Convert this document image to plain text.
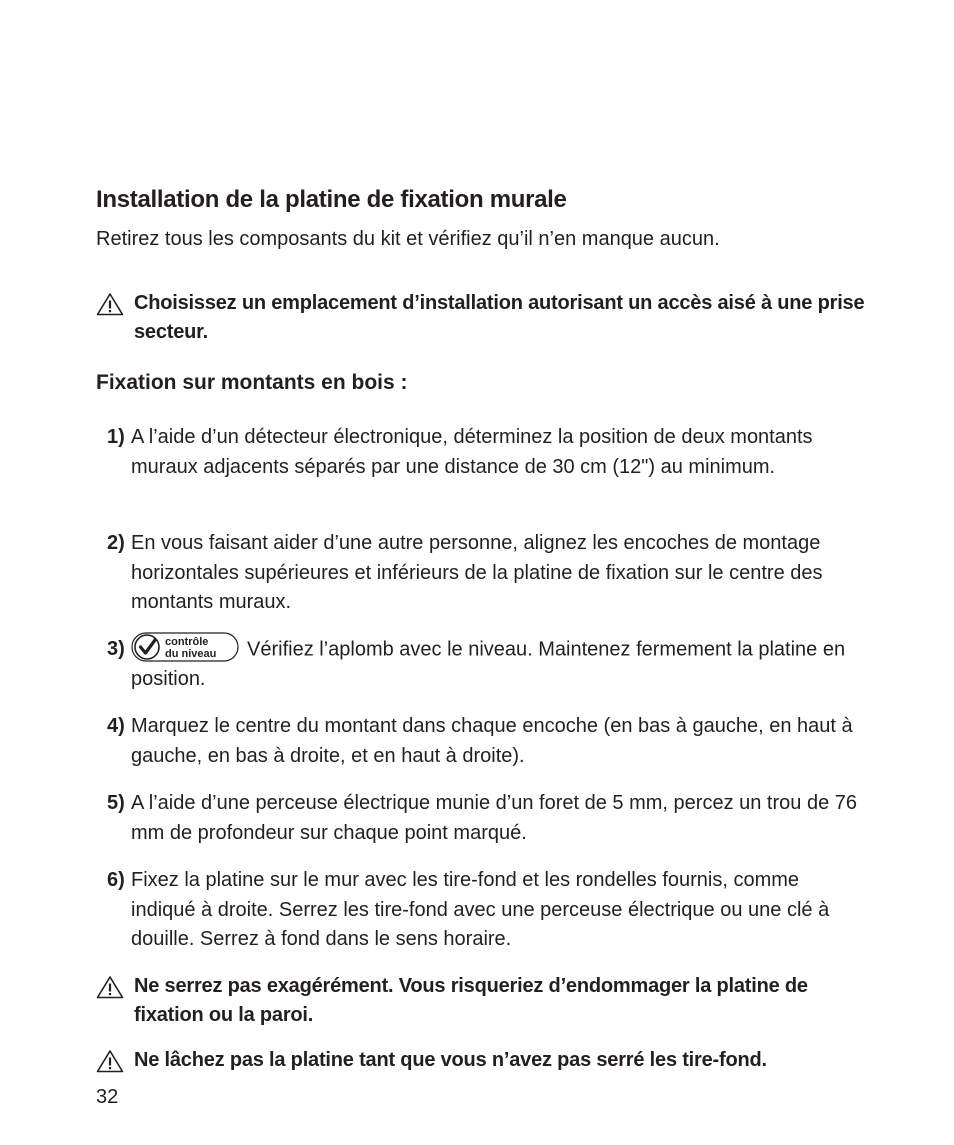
Installation de la platine de fixation murale
Retirez tous les composants du kit et vérifiez qu’il n’en manque aucun.
Choisissez un emplacement d’installation autorisant un accès aisé à une prise secteur.
Fixation sur montants en bois :
1) A l’aide d’un détecteur électronique, déterminez la position de deux montants muraux adjacents séparés par une distance de 30 cm (12") au minimum.
2) En vous faisant aider d’une autre personne, alignez les encoches de montage horizontales supérieures et inférieurs de la platine de fixation sur le centre des montants muraux.
3)	contrôle
du niveau Vérifiez l’aplomb avec le niveau. Maintenez fermement la platine en position.
4) Marquez le centre du montant dans chaque encoche (en bas à gauche, en haut à gauche, en bas à droite, et en haut à droite).
5) A l’aide d’une perceuse électrique munie d’un foret de 5 mm, percez un trou de 76 mm de profondeur sur chaque point marqué.
6) Fixez la platine sur le mur avec les tire-fond et les rondelles fournis, comme indiqué à droite. Serrez les tire-fond avec une perceuse électrique ou une clé à douille. Serrez à fond dans le sens horaire.
Ne serrez pas exagérément. Vous risqueriez d’endommager la platine de fixation ou la paroi.
Ne lâchez pas la platine tant que vous n’avez pas serré les tire-fond.
32
